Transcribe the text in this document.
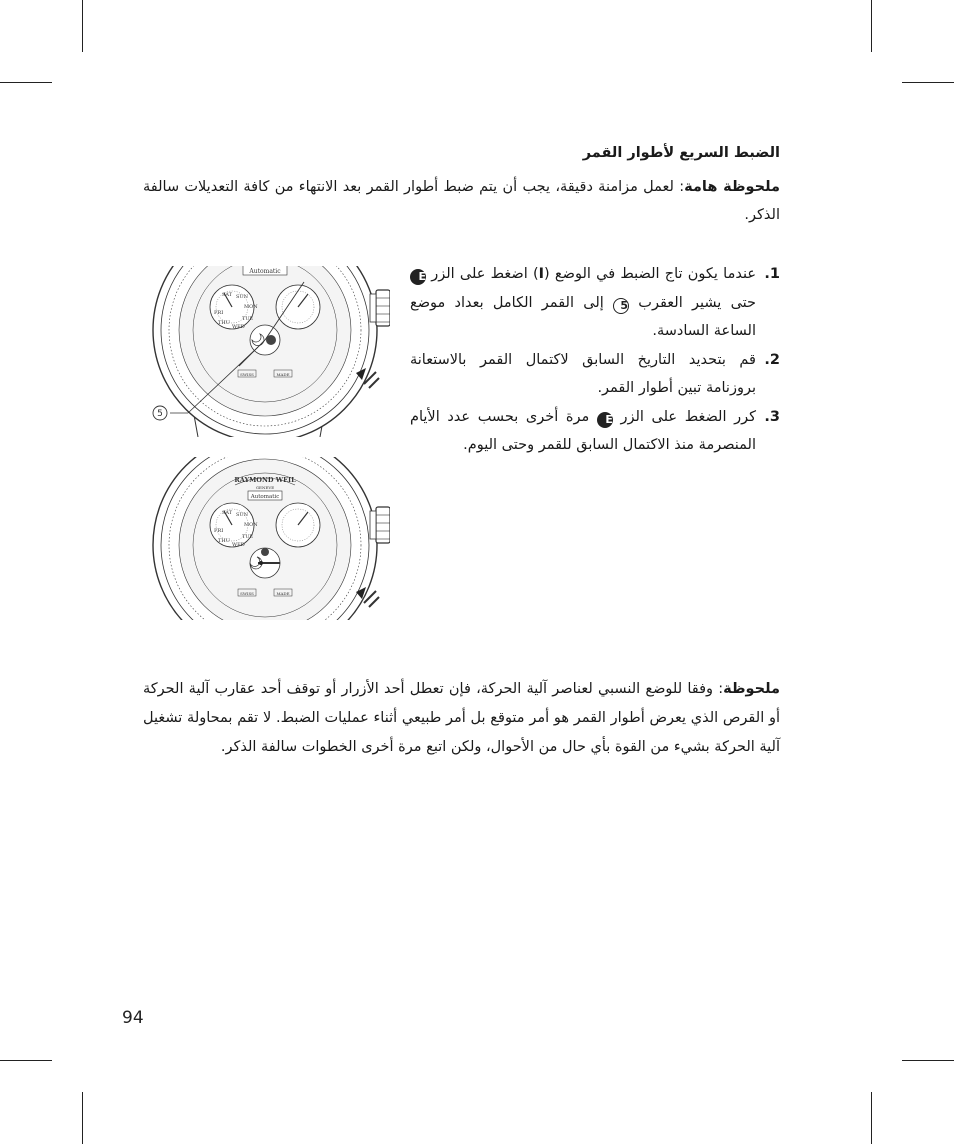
الضبط السريع لأطوار القمر
ملحوظة هامة: لعمل مزامنة دقيقة، يجب أن يتم ضبط أطوار القمر بعد الانتهاء من كافة التعديلات سالفة الذكر.
1.
عندما يكون تاج الضبط في الوضع (I) اضغط على الزر E حتى يشير العقرب 5 إلى القمر الكامل بعداد موضع الساعة السادسة.
2.
قم بتحديد التاريخ السابق لاكتمال القمر بالاستعانة بروزنامة تبين أطوار القمر.
3.
كرر الضغط على الزر E مرة أخرى بحسب عدد الأيام المنصرمة منذ الاكتمال السابق للقمر وحتى اليوم.
Automatic
SWISS	MADE
5
FRI
SAT
THU
SUN
WED
MON
TUE
RAYMOND WEIL
GENEVE
Automatic
SWISS	MADE
FRI
SAT
THU
SUN
WED
MON
TUE
ملحوظة: وفقا للوضع النسبي لعناصر آلية الحركة، فإن تعطل أحد الأزرار أو توقف أحد عقارب آلية الحركة أو القرص الذي يعرض أطوار القمر هو أمر متوقع بل أمر طبيعي أثناء عمليات الضبط. لا تقم بمحاولة تشغيل آلية الحركة بشيء من القوة بأي حال من الأحوال، ولكن اتبع مرة أخرى الخطوات سالفة الذكر.
94
